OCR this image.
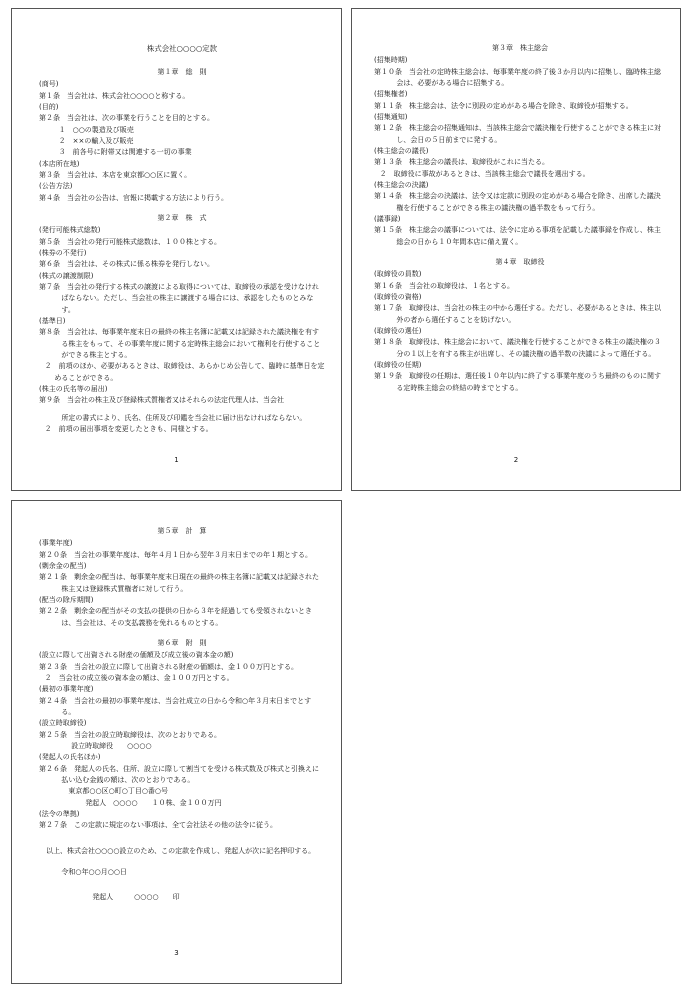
株式会社○○○○定款
第１章　総　則

(商号)

第１条　当会社は、株式会社○○○○と称する。

(目的)

第２条　当会社は、次の事業を行うことを目的とする。

１　○○の製造及び販売

２　××の輸入及び販売

３　前各号に附帯又は関連する一切の事業

(本店所在地)

第３条　当会社は、本店を東京都○○区に置く。

(公告方法)

第４条　当会社の公告は、官報に掲載する方法により行う。

第２章　株　式

(発行可能株式総数)

第５条　当会社の発行可能株式総数は、１００株とする。

(株券の不発行)

第６条　当会社は、その株式に係る株券を発行しない。

(株式の譲渡制限)

第７条　当会社の発行する株式の譲渡による取得については、取締役の承認を受けなければならない。ただし、当会社の株主に譲渡する場合には、承認をしたものとみなす。

(基準日)

第８条　当会社は、毎事業年度末日の最終の株主名簿に記載又は記録された議決権を有する株主をもって、その事業年度に関する定時株主総会において権利を行使することができる株主とする。

２　前項のほか、必要があるときは、取締役は、あらかじめ公告して、臨時に基準日を定めることができる。

(株主の氏名等の届出)

第９条　当会社の株主及び登録株式質権者又はそれらの法定代理人は、当会社

所定の書式により、氏名、住所及び印鑑を当会社に届け出なければならない。

２　前項の届出事項を変更したときも、同様とする。

1
第３章　株主総会

(招集時期)

第１０条　当会社の定時株主総会は、毎事業年度の終了後３か月以内に招集し、臨時株主総会は、必要がある場合に招集する。

(招集権者)

第１１条　株主総会は、法令に別段の定めがある場合を除き、取締役が招集する。

(招集通知)

第１２条　株主総会の招集通知は、当該株主総会で議決権を行使することができる株主に対し、会日の５日前までに発する。

(株主総会の議長)

第１３条　株主総会の議長は、取締役がこれに当たる。

２　取締役に事故があるときは、当該株主総会で議長を選出する。

(株主総会の決議)

第１４条　株主総会の決議は、法令又は定款に別段の定めがある場合を除き、出席した議決権を行使することができる株主の議決権の過半数をもって行う。

(議事録)

第１５条　株主総会の議事については、法令に定める事項を記載した議事録を作成し、株主総会の日から１０年間本店に備え置く。

第４章　取締役

(取締役の員数)

第１６条　当会社の取締役は、１名とする。

(取締役の資格)

第１７条　取締役は、当会社の株主の中から選任する。ただし、必要があるときは、株主以外の者から選任することを妨げない。

(取締役の選任)

第１８条　取締役は、株主総会において、議決権を行使することができる株主の議決権の３分の１以上を有する株主が出席し、その議決権の過半数の決議によって選任する。

(取締役の任期)

第１９条　取締役の任期は、選任後１０年以内に終了する事業年度のうち最終のものに関する定時株主総会の終結の時までとする。

2
第５章　計　算

(事業年度)

第２０条　当会社の事業年度は、毎年４月１日から翌年３月末日までの年１期とする。

(剰余金の配当)

第２１条　剰余金の配当は、毎事業年度末日現在の最終の株主名簿に記載又は記録された株主又は登録株式質権者に対して行う。

(配当の除斥期間)

第２２条　剰余金の配当がその支払の提供の日から３年を経過しても受領されないときは、当会社は、その支払義務を免れるものとする。

第６章　附　則

(設立に際して出資される財産の価額及び成立後の資本金の額)

第２３条　当会社の設立に際して出資される財産の価額は、金１００万円とする。

２　当会社の成立後の資本金の額は、金１００万円とする。

(最初の事業年度)

第２４条　当会社の最初の事業年度は、当会社成立の日から令和○年３月末日までとする。

(設立時取締役)

第２５条　当会社の設立時取締役は、次のとおりである。

設立時取締役　　○○○○

(発起人の氏名ほか)

第２６条　発起人の氏名、住所、設立に際して割当てを受ける株式数及び株式と引換えに払い込む金銭の額は、次のとおりである。

東京都○○区○町○丁目○番○号

発起人　○○○○　　１０株、金１００万円

(法令の準拠)

第２７条　この定款に規定のない事項は、全て会社法その他の法令に従う。

以上、株式会社○○○○設立のため、この定款を作成し、発起人が次に記名押印する。

令和○年○○月○○日

発起人　　　○○○○　　印

3
